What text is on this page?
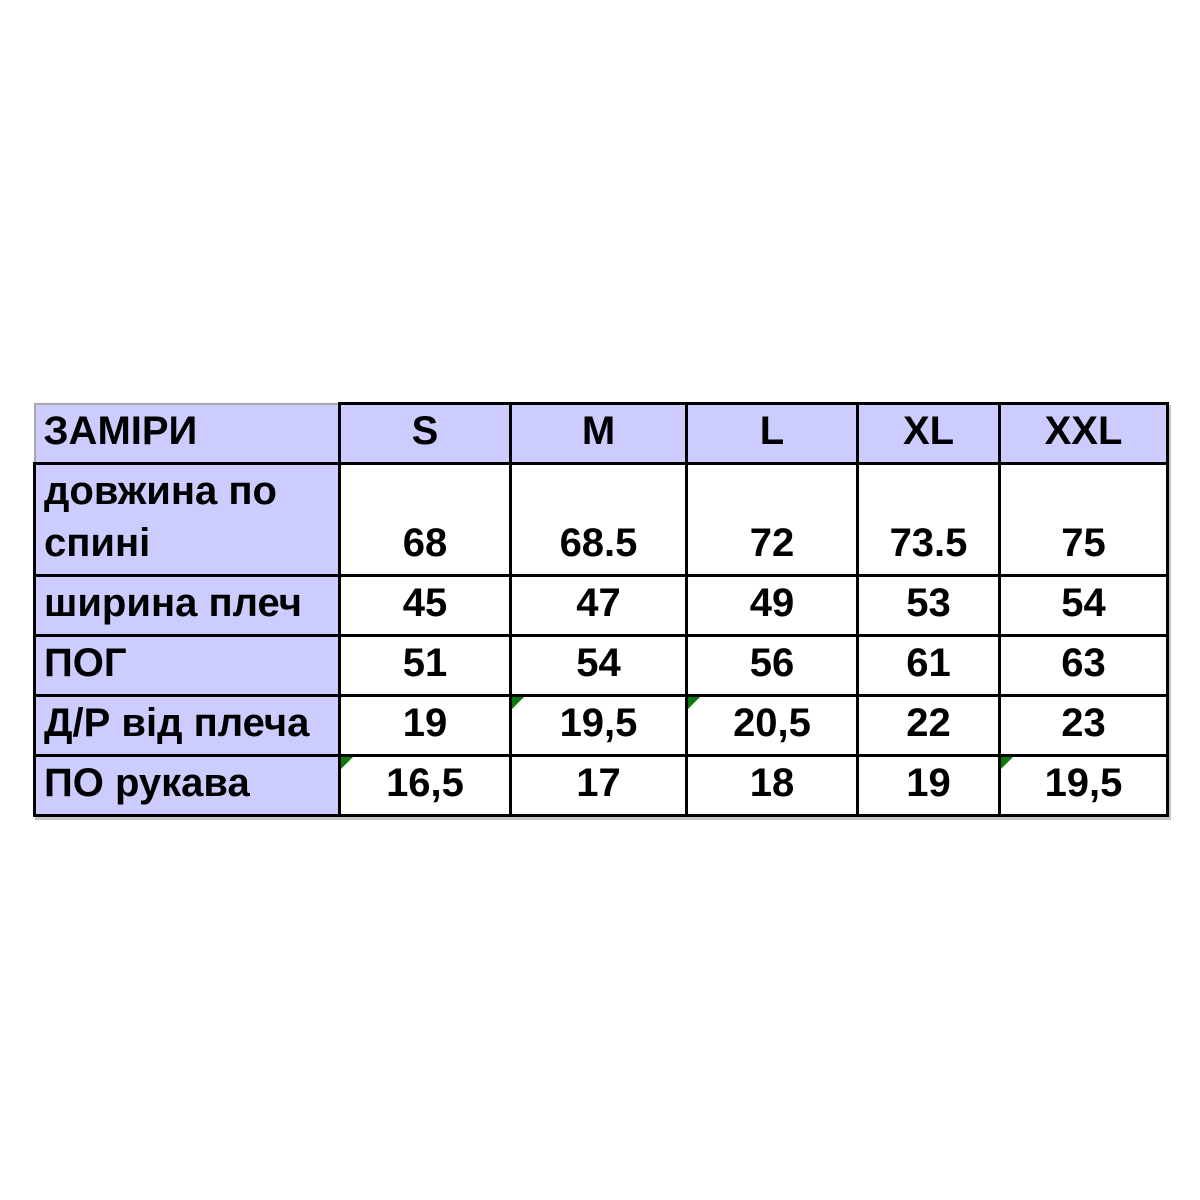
ЗАМІРИ	S	M	L	XL	XXL
довжина по спині	68	68.5	72	73.5	75
ширина плеч	45	47	49	53	54
ПОГ	51	54	56	61	63
Д/Р від плеча	19	19,5	20,5	22	23
ПО рукава	16,5	17	18	19	19,5
